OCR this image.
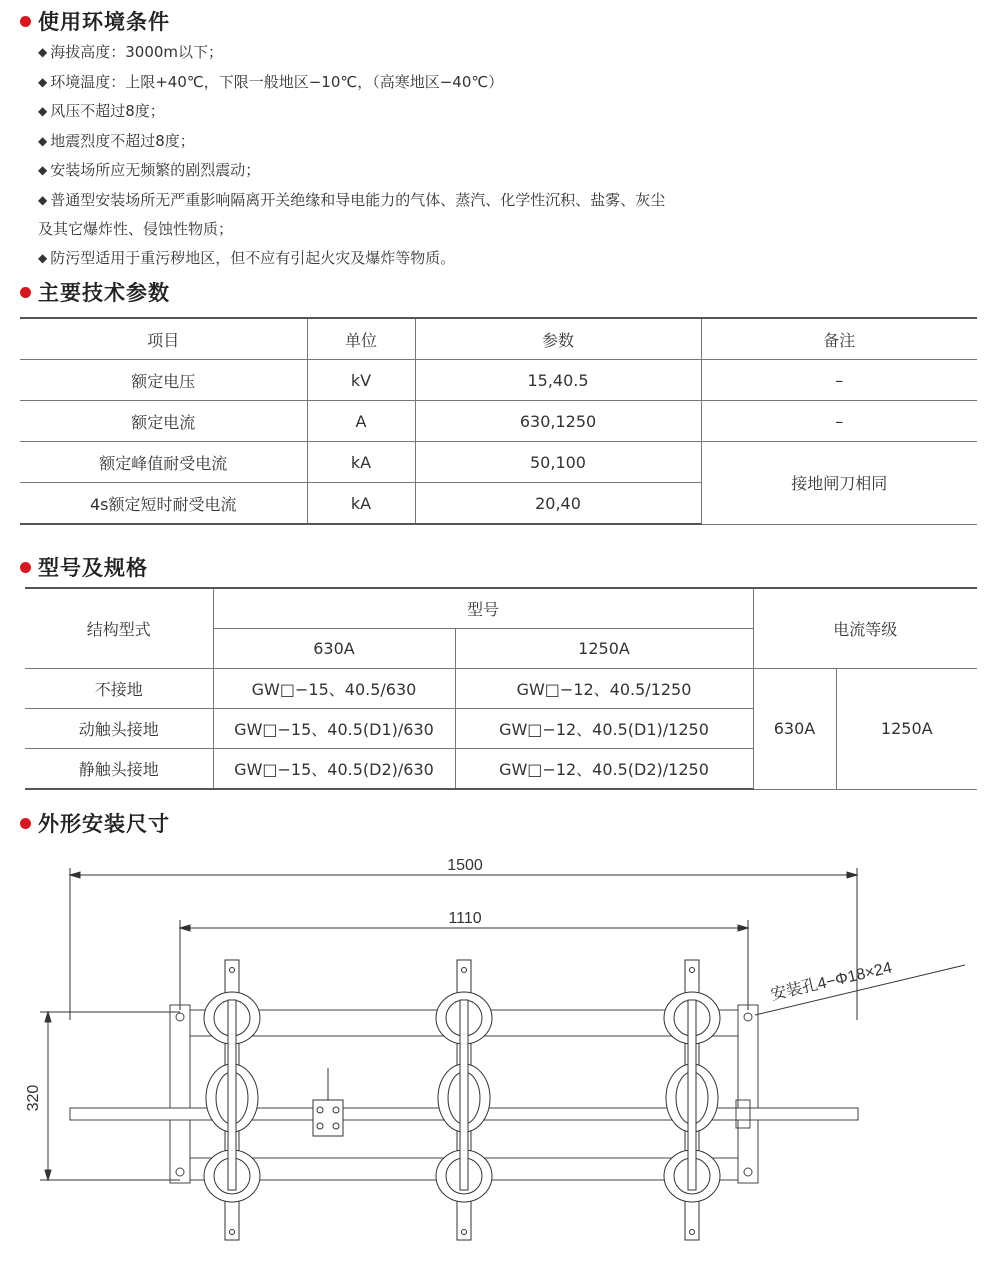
使用环境条件
◆ 海拔高度：3000m以下；
◆ 环境温度：上限+40℃，下限一般地区−10℃，（高寒地区−40℃）
◆ 风压不超过8度；
◆ 地震烈度不超过8度；
◆ 安装场所应无频繁的剧烈震动；
◆ 普通型安装场所无严重影响隔离开关绝缘和导电能力的气体、蒸汽、化学性沉积、盐雾、灰尘
及其它爆炸性、侵蚀性物质；
◆ 防污型适用于重污秽地区，但不应有引起火灾及爆炸等物质。
主要技术参数
项目	单位	参数	备注
额定电压	kV	15,40.5	–
额定电流	A	630,1250	–
额定峰值耐受电流	kA	50,100	接地闸刀相同
4s额定短时耐受电流	kA	20,40	
型号及规格
结构型式	型号		电流等级	
	630A	1250A		
不接地	GW□−15、40.5/630	GW□−12、40.5/1250	630A	1250A
动触头接地	GW□−15、40.5(D1)/630	GW□−12、40.5(D1)/1250		
静触头接地	GW□−15、40.5(D2)/630	GW□−12、40.5(D2)/1250		
外形安装尺寸
1500
1110
320
安装孔4−Φ18×24
